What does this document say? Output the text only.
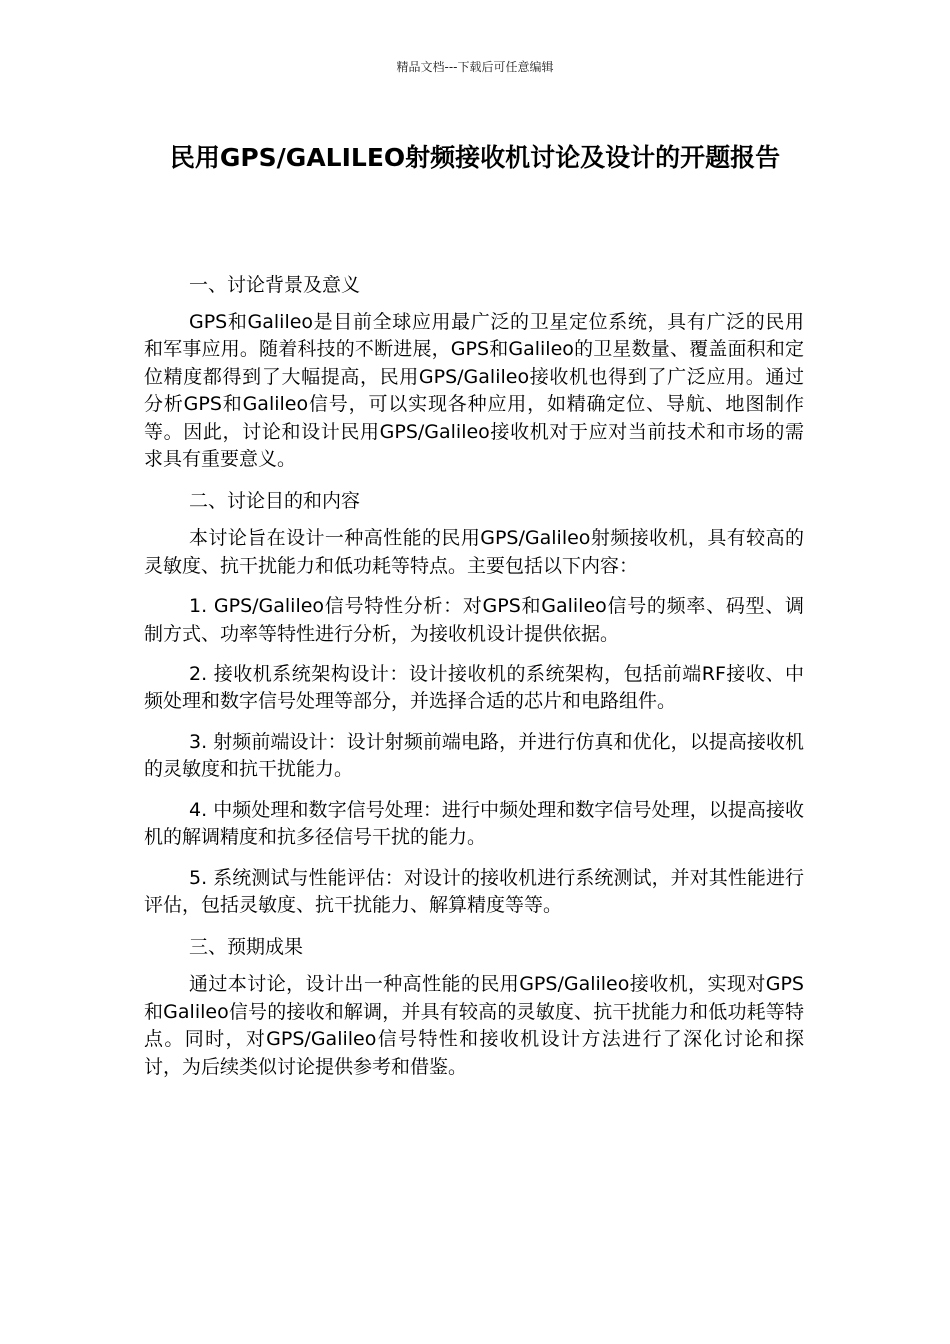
精品文档---下载后可任意编辑
民用GPS/GALILEO射频接收机讨论及设计的开题报告

一、讨论背景及意义

GPS和Galileo是目前全球应用最广泛的卫星定位系统，具有广泛的民用和军事应用。随着科技的不断进展，GPS和Galileo的卫星数量、覆盖面积和定位精度都得到了大幅提高，民用GPS/Galileo接收机也得到了广泛应用。通过分析GPS和Galileo信号，可以实现各种应用，如精确定位、导航、地图制作等。因此，讨论和设计民用GPS/Galileo接收机对于应对当前技术和市场的需求具有重要意义。

二、讨论目的和内容

本讨论旨在设计一种高性能的民用GPS/Galileo射频接收机，具有较高的灵敏度、抗干扰能力和低功耗等特点。主要包括以下内容：

1. GPS/Galileo信号特性分析：对GPS和Galileo信号的频率、码型、调制方式、功率等特性进行分析，为接收机设计提供依据。

2. 接收机系统架构设计：设计接收机的系统架构，包括前端RF接收、中频处理和数字信号处理等部分，并选择合适的芯片和电路组件。

3. 射频前端设计：设计射频前端电路，并进行仿真和优化，以提高接收机的灵敏度和抗干扰能力。

4. 中频处理和数字信号处理：进行中频处理和数字信号处理，以提高接收机的解调精度和抗多径信号干扰的能力。

5. 系统测试与性能评估：对设计的接收机进行系统测试，并对其性能进行评估，包括灵敏度、抗干扰能力、解算精度等等。

三、预期成果

通过本讨论，设计出一种高性能的民用GPS/Galileo接收机，实现对GPS和Galileo信号的接收和解调，并具有较高的灵敏度、抗干扰能力和低功耗等特点。同时，对GPS/Galileo信号特性和接收机设计方法进行了深化讨论和探讨，为后续类似讨论提供参考和借鉴。
